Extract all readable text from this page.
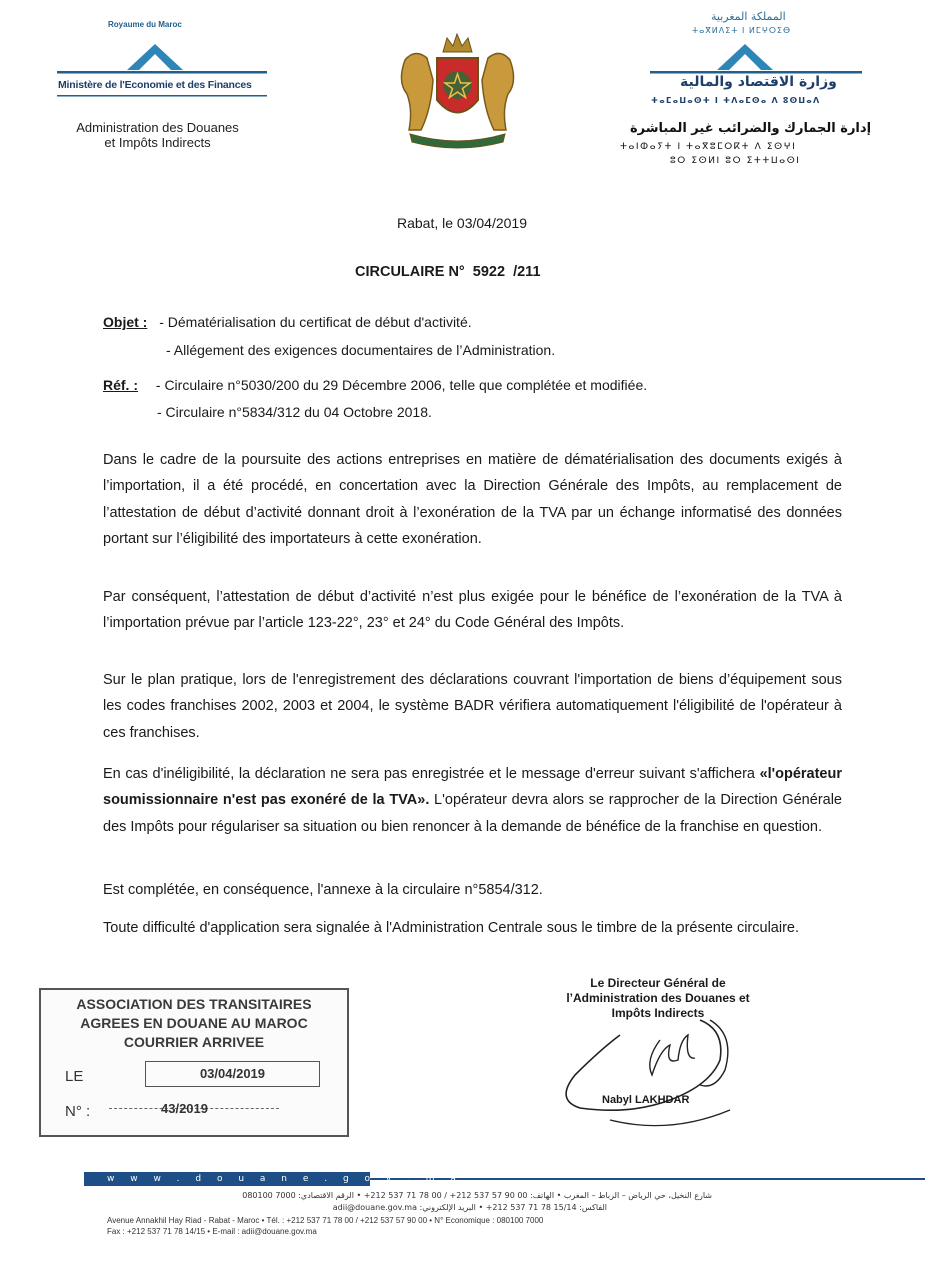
Royaume du Maroc
Ministère de l'Economie et des Finances
Administration des Douanes
et Impôts Indirects
المملكة المغربية
ⵜⴰⴳⵍⴷⵉⵜ ⵏ ⵍⵎⵖⵔⵉⴱ
وزارة الاقتصاد والمالية
ⵜⴰⵎⴰⵡⴰⵙⵜ ⵏ ⵜⴷⴰⵎⵙⴰ ⴷ ⵓⵙⵡⴰⴷ
إدارة الجمارك والضرائب غير المباشرة
ⵜⴰⵏⵀⴰⵢⵜ ⵏ ⵜⴰⴳⵓⵎⵔⴽⵜ ⴷ ⵉⵙⵖⵏ
ⵓⵔ ⵉⵙⵍⵏ ⵓⵔ ⵉⵜⵜⵡⴰⵙⵏ
Rabat, le 03/04/2019
CIRCULAIRE N°  5922  /211
Objet : - Dématérialisation du certificat de début d'activité.
- Allégement des exigences documentaires de l’Administration.
Réf. : - Circulaire n°5030/200 du 29 Décembre 2006, telle que complétée et modifiée.
- Circulaire n°5834/312 du 04 Octobre 2018.

Dans le cadre de la poursuite des actions entreprises en matière de dématérialisation des documents exigés à l’importation, il a été procédé, en concertation avec la Direction Générale des Impôts, au remplacement de l’attestation de début d’activité donnant droit à l’exonération de la TVA par un échange informatisé des données portant sur l’éligibilité des importateurs à cette exonération.

Par conséquent, l’attestation de début d’activité n’est plus exigée pour le bénéfice de l’exonération de la TVA à l’importation prévue par l’article 123-22°, 23° et 24° du Code Général des Impôts.

Sur le plan pratique, lors de l'enregistrement des déclarations couvrant l'importation de biens d’équipement sous les codes franchises 2002, 2003 et 2004, le système BADR vérifiera automatiquement l'éligibilité de l'opérateur à ces franchises.

En cas d'inéligibilité, la déclaration ne sera pas enregistrée et le message d'erreur suivant s'affichera «l'opérateur soumissionnaire n'est pas exonéré de la TVA». L'opérateur devra alors se rapprocher de la Direction Générale des Impôts pour régulariser sa situation ou bien renoncer à la demande de bénéfice de la franchise en question.

Est complétée, en conséquence, l'annexe à la circulaire n°5854/312.

Toute difficulté d'application sera signalée à l'Administration Centrale sous le timbre de la présente circulaire.

ASSOCIATION DES TRANSITAIRES
AGREES EN DOUANE AU MAROC
COURRIER ARRIVEE
LE	03/04/2019
N° :	43/2019
Le Directeur Général de
l’Administration des Douanes et
Impôts Indirects
Nabyl LAKHDAR
w w w . d o u a n e . g o v . m a
شارع النخيل، حي الرياض – الرباط – المغرب • الهاتف: 00 90 57 537 212+ / 00 78 71 537 212+ • الرقم الاقتصادي: 7000 080100
الفاكس: 15/14 78 71 537 212+ • البريد الإلكتروني: adii@douane.gov.ma
Avenue Annakhil Hay Riad - Rabat - Maroc • Tél. : +212 537 71 78 00 / +212 537 57 90 00 • N° Economique : 080100 7000
Fax : +212 537 71 78 14/15 • E-mail : adii@douane.gov.ma
